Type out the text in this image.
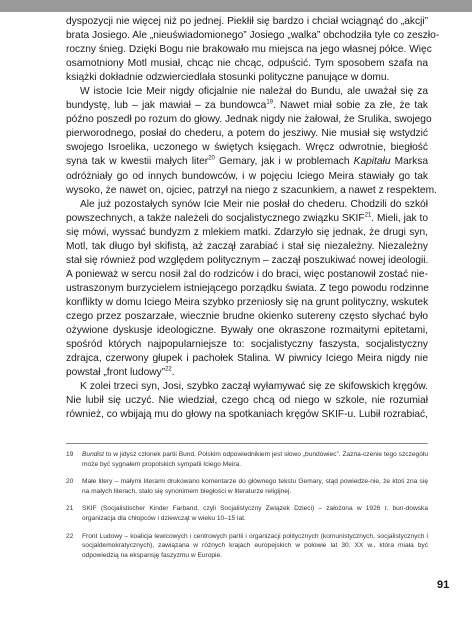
dyspozycji nie więcej niż po jednej. Piekłił się bardzo i chciał wciągnąć do „akcji”
brata Josiego. Ale „nieuświadomionego” Josiego „walka” obchodziła tyle co zeszło-
roczny śnieg. Dzięki Bogu nie brakowało mu miejsca na jego własnej półce. Więc
osamotniony Motl musiał, chcąc nie chcąc, odpuścić. Tym sposobem szafa na
książki dokładnie odzwierciedlała stosunki polityczne panujące w domu.
W istocie Icie Meir nigdy oficjalnie nie należał do Bundu, ale uważał się za
bundystę, lub – jak mawiał – za bundowca$^{19}$. Nawet miał sobie za złe, że tak
późno poszedł po rozum do głowy. Jednak nigdy nie żałował, że Srulika, swojego
pierworodnego, posłał do chederu, a potem do jesziwy. Nie musiał się wstydzić
swojego Isroelika, uczonego w świętych księgach. Wręcz odwrotnie, biegłość
syna tak w kwestii małych liter$^{20}$ Gemary, jak i w problemach Kapitału Marksa
odróżniały go od innych bundowców, i w pojęciu Iciego Meira stawiały go tak
wysoko, że nawet on, ojciec, patrzył na niego z szacunkiem, a nawet z respektem.
Ale już pozostałych synów Icie Meir nie posłał do chederu. Chodzili do szkół
powszechnych, a także należeli do socjalistycznego związku SKIF$^{21}$. Mieli, jak to
się mówi, wyssać bundyzm z mlekiem matki. Zdarzyło się jednak, że drugi syn,
Motl, tak długo był skifistą, aż zaczął zarabiać i stał się niezależny. Niezależny
stał się również pod względem politycznym – zaczął poszukiwać nowej ideologii.
A ponieważ w sercu nosił żal do rodziców i do braci, więc postanowił zostać nie-
ustraszonym burzycielem istniejącego porządku świata. Z tego powodu rodzinne
konflikty w domu Iciego Meira szybko przeniosły się na grunt polityczny, wskutek
czego przez poszarzałe, wiecznie brudne okienko sutereny często słychać było
ożywione dyskusje ideologiczne. Bywały one okraszone rozmaitymi epitetami,
spośród których najpopularniejsze to: socjalistyczny faszysta, socjalistyczny
zdrajca, czerwony głupek i pachołek Stalina. W piwnicy Iciego Meira nigdy nie
powstał „front ludowy”$^{22}$.
K zolei trzeci syn, Josi, szybko zaczął wyłamywać się ze skifowskich kręgów.
Nie lubił się uczyć. Nie wiedział, czego chcą od niego w szkole, nie rozumiał
również, co wbijają mu do głowy na spotkaniach kręgów SKIF-u. Lubił rozrabiać,
19 Bundist to w jidysz członek partii Bund. Polskim odpowiednikiem jest słowo „bundowiec”. Zazna-czenie tego szczegółu może być sygnałem propolskich sympatii Iciego Meira.
20 Małe litery – małymi literami drukowano komentarze do głównego tekstu Gemary, stąd powiedze-nie, że ktoś zna się na małych literach, stało się synonimem biegłości w literaturze religijnej.
21 SKIF (Socjalistischer Kinder Farband, czyli Socjalistyczny Związek Dzieci) – założona w 1926 r. bun-dowska organizacja dla chłopców i dziewcząt w wieku 10–15 lat.
22 Front Ludowy – koalicja lewicowych i centrowych partii i organizacji politycznych (komunistycznych, socjalistycznych i socjaldemokratycznych), zawiązana w różnych krajach europejskich w połowie lat 30. XX w., która miała być odpowiedzią na ekspansję faszyzmu w Europie.
91
